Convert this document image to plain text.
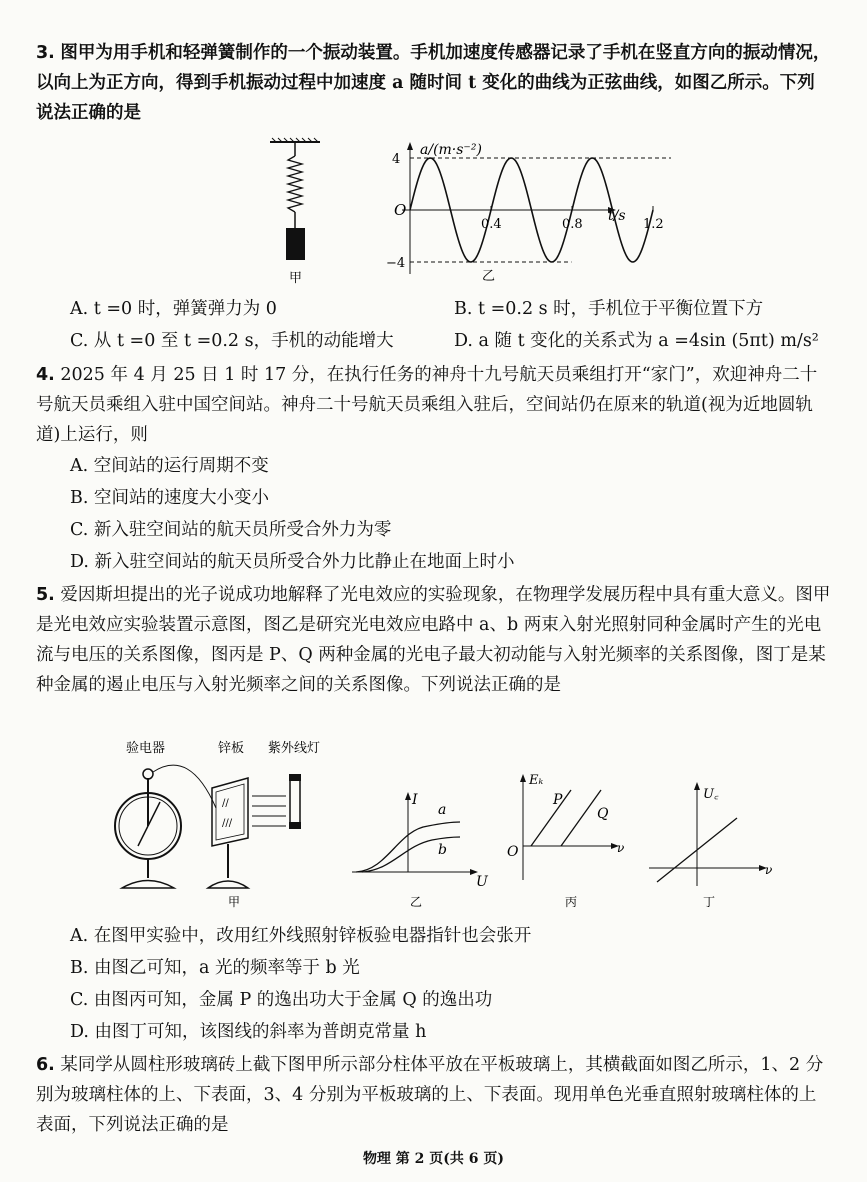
3. 图甲为用手机和轻弹簧制作的一个振动装置。手机加速度传感器记录了手机在竖直方向的振动情况，以向上为正方向，得到手机振动过程中加速度 a 随时间 t 变化的曲线为正弦曲线，如图乙所示。下列说法正确的是
甲
0.4	0.8	1.2
4
−4
a/(m·s⁻²)
t/s
O
乙
A. t =0 时，弹簧弹力为 0	B. t =0.2 s 时，手机位于平衡位置下方
C. 从 t =0 至 t =0.2 s，手机的动能增大	D. a 随 t 变化的关系式为 a =4sin (5πt) m/s²
4. 2025 年 4 月 25 日 1 时 17 分，在执行任务的神舟十九号航天员乘组打开“家门”，欢迎神舟二十号航天员乘组入驻中国空间站。神舟二十号航天员乘组入驻后，空间站仍在原来的轨道(视为近地圆轨道)上运行，则
A. 空间站的运行周期不变
B. 空间站的速度大小变小
C. 新入驻空间站的航天员所受合外力为零
D. 新入驻空间站的航天员所受合外力比静止在地面上时小
5. 爱因斯坦提出的光子说成功地解释了光电效应的实验现象，在物理学发展历程中具有重大意义。图甲是光电效应实验装置示意图，图乙是研究光电效应电路中 a、b 两束入射光照射同种金属时产生的光电流与电压的关系图像，图丙是 P、Q 两种金属的光电子最大初动能与入射光频率的关系图像，图丁是某种金属的遏止电压与入射光频率之间的关系图像。下列说法正确的是
验电器	锌板 紫外线灯
//
///
甲
I
U
a
b
乙
Eₖ
P
Q
O	ν
丙
U꜀
ν
丁
A. 在图甲实验中，改用红外线照射锌板验电器指针也会张开
B. 由图乙可知，a 光的频率等于 b 光
C. 由图丙可知，金属 P 的逸出功大于金属 Q 的逸出功
D. 由图丁可知，该图线的斜率为普朗克常量 h
6. 某同学从圆柱形玻璃砖上截下图甲所示部分柱体平放在平板玻璃上，其横截面如图乙所示，1、2 分别为玻璃柱体的上、下表面，3、4 分别为平板玻璃的上、下表面。现用单色光垂直照射玻璃柱体的上表面，下列说法正确的是
物理 第 2 页(共 6 页)
